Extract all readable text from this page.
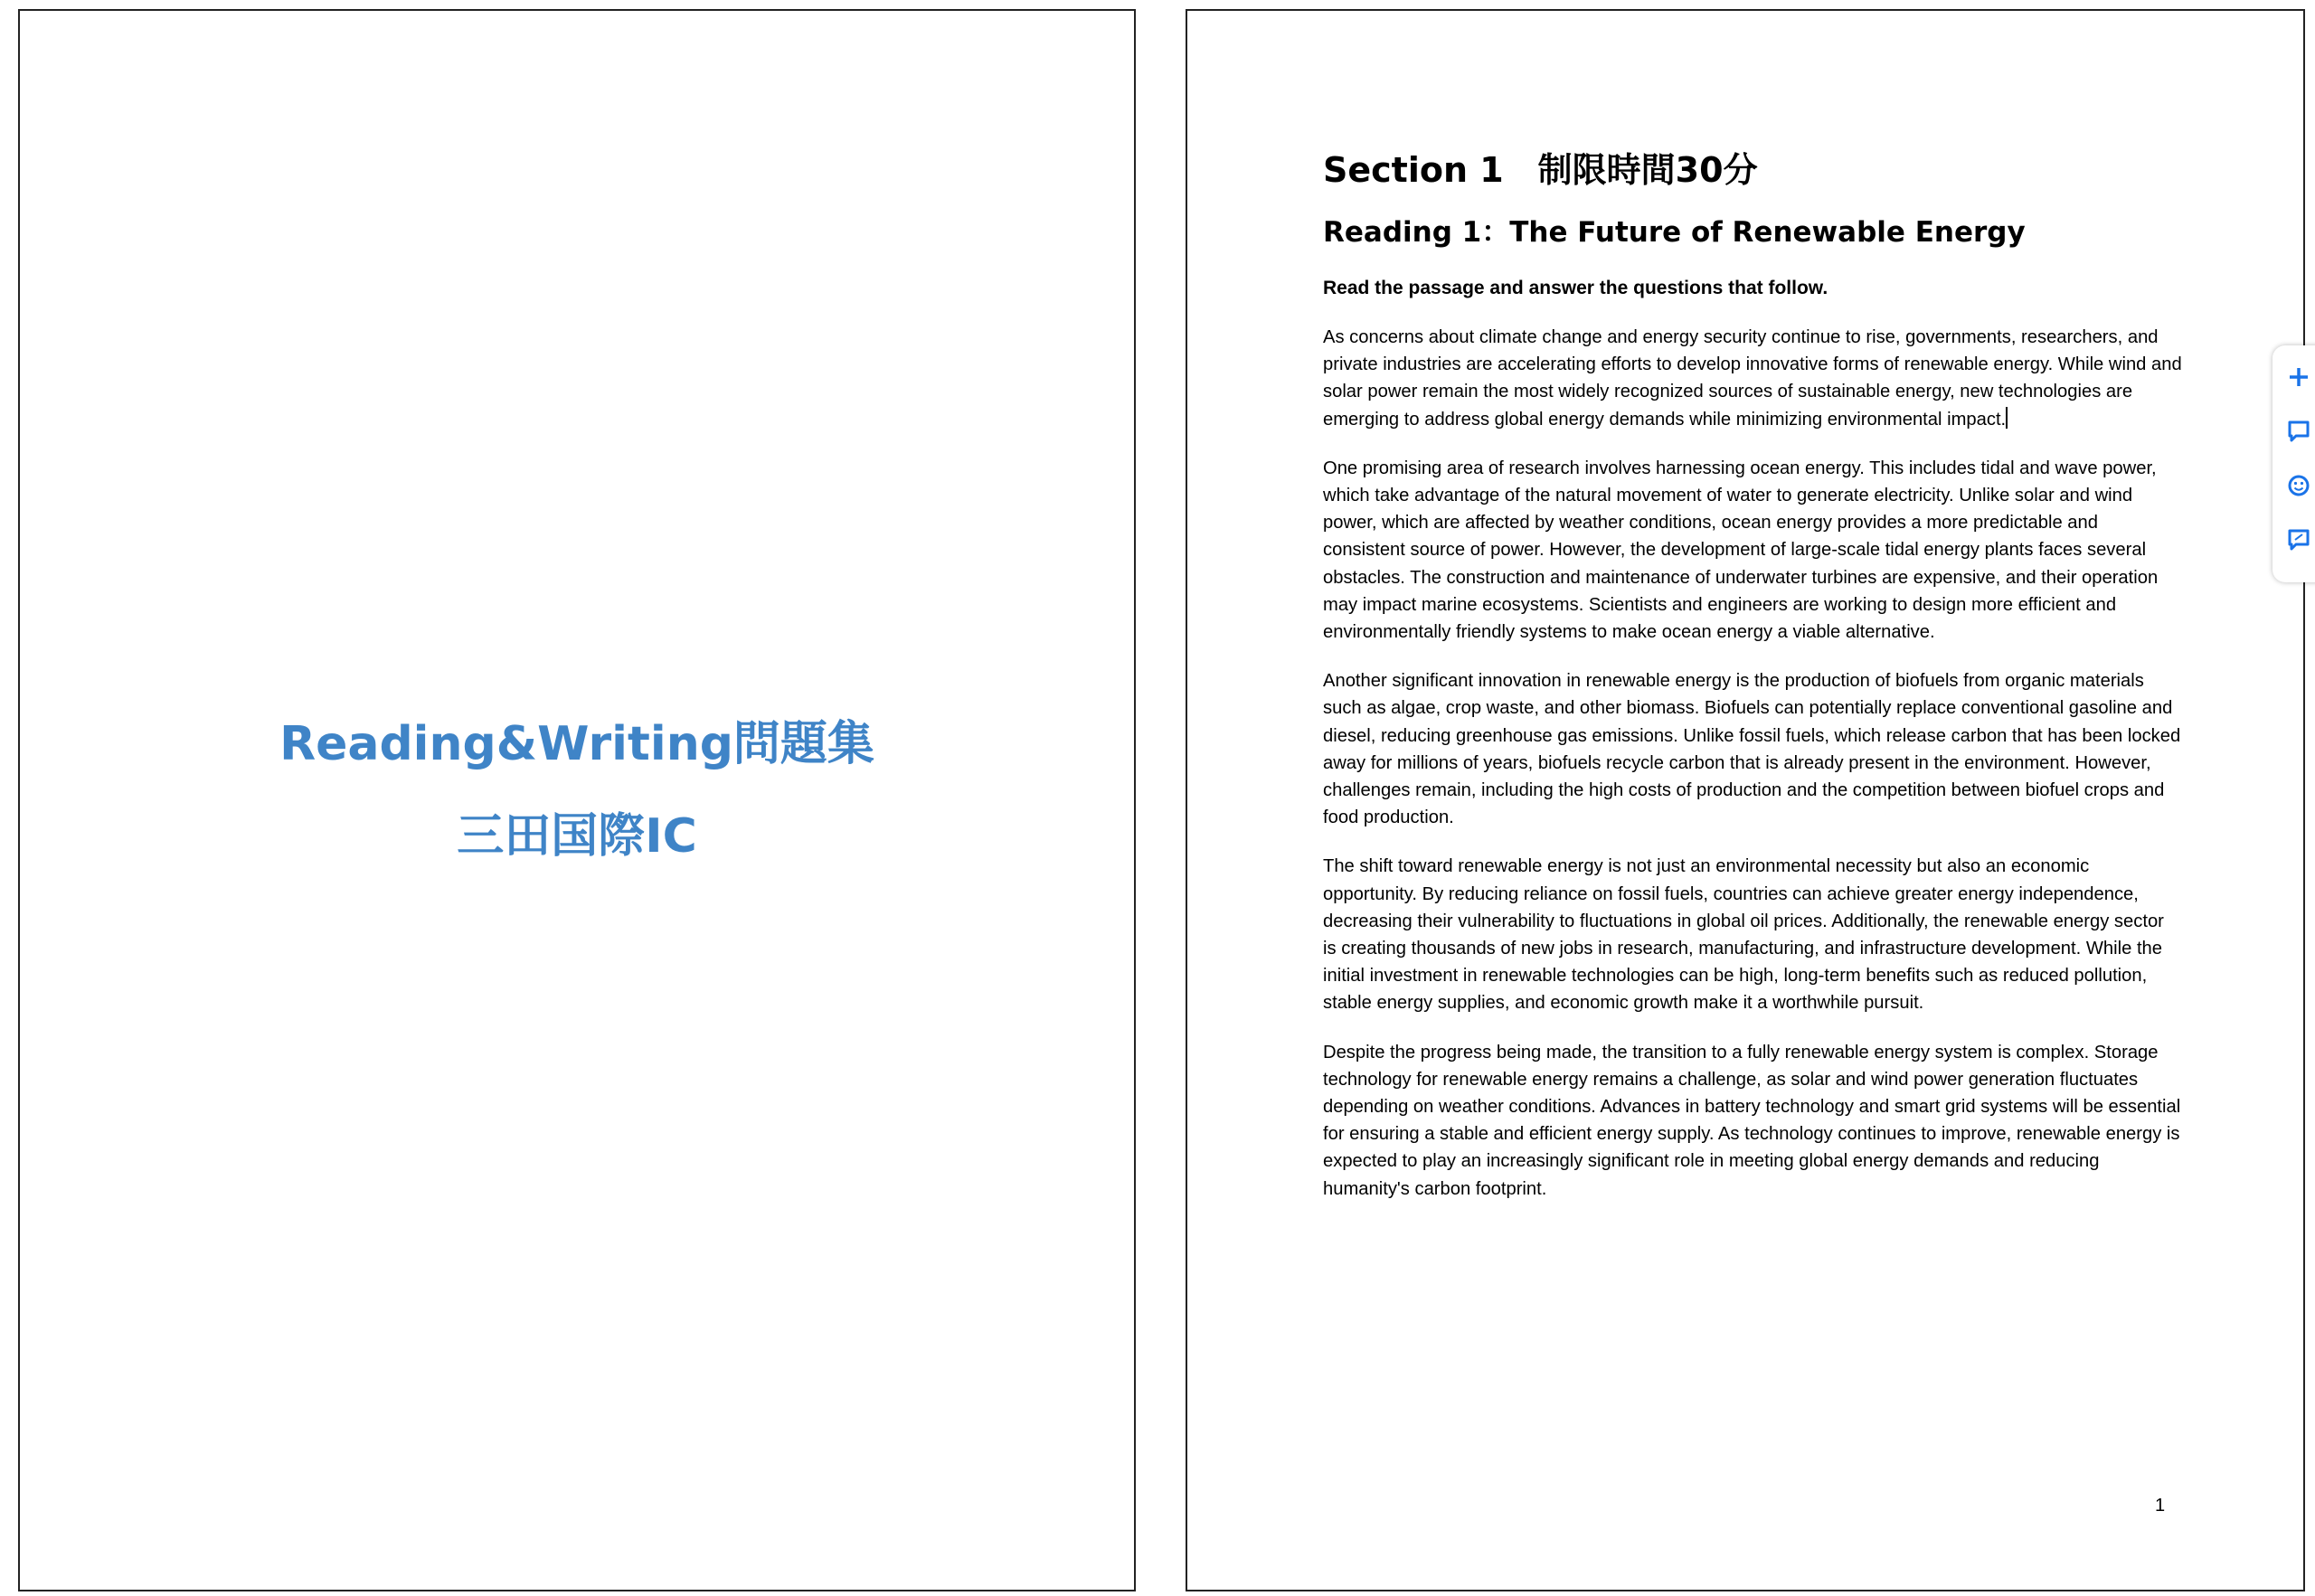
Reading&Writing問題集
三田国際IC
Section 1　制限時間30分
Reading 1：The Future of Renewable Energy
Read the passage and answer the questions that follow.

As concerns about climate change and energy security continue to rise, governments, researchers, and private industries are accelerating efforts to develop innovative forms of renewable energy. While wind and solar power remain the most widely recognized sources of sustainable energy, new technologies are emerging to address global energy demands while minimizing environmental impact.

One promising area of research involves harnessing ocean energy. This includes tidal and wave power, which take advantage of the natural movement of water to generate electricity. Unlike solar and wind power, which are affected by weather conditions, ocean energy provides a more predictable and consistent source of power. However, the development of large-scale tidal energy plants faces several obstacles. The construction and maintenance of underwater turbines are expensive, and their operation may impact marine ecosystems. Scientists and engineers are working to design more efficient and environmentally friendly systems to make ocean energy a viable alternative.

Another significant innovation in renewable energy is the production of biofuels from organic materials such as algae, crop waste, and other biomass. Biofuels can potentially replace conventional gasoline and diesel, reducing greenhouse gas emissions. Unlike fossil fuels, which release carbon that has been locked away for millions of years, biofuels recycle carbon that is already present in the environment. However, challenges remain, including the high costs of production and the competition between biofuel crops and food production.

The shift toward renewable energy is not just an environmental necessity but also an economic opportunity. By reducing reliance on fossil fuels, countries can achieve greater energy independence, decreasing their vulnerability to fluctuations in global oil prices. Additionally, the renewable energy sector is creating thousands of new jobs in research, manufacturing, and infrastructure development. While the initial investment in renewable technologies can be high, long-term benefits such as reduced pollution, stable energy supplies, and economic growth make it a worthwhile pursuit.

Despite the progress being made, the transition to a fully renewable energy system is complex. Storage technology for renewable energy remains a challenge, as solar and wind power generation fluctuates depending on weather conditions. Advances in battery technology and smart grid systems will be essential for ensuring a stable and efficient energy supply. As technology continues to improve, renewable energy is expected to play an increasingly significant role in meeting global energy demands and reducing humanity's carbon footprint.

1
